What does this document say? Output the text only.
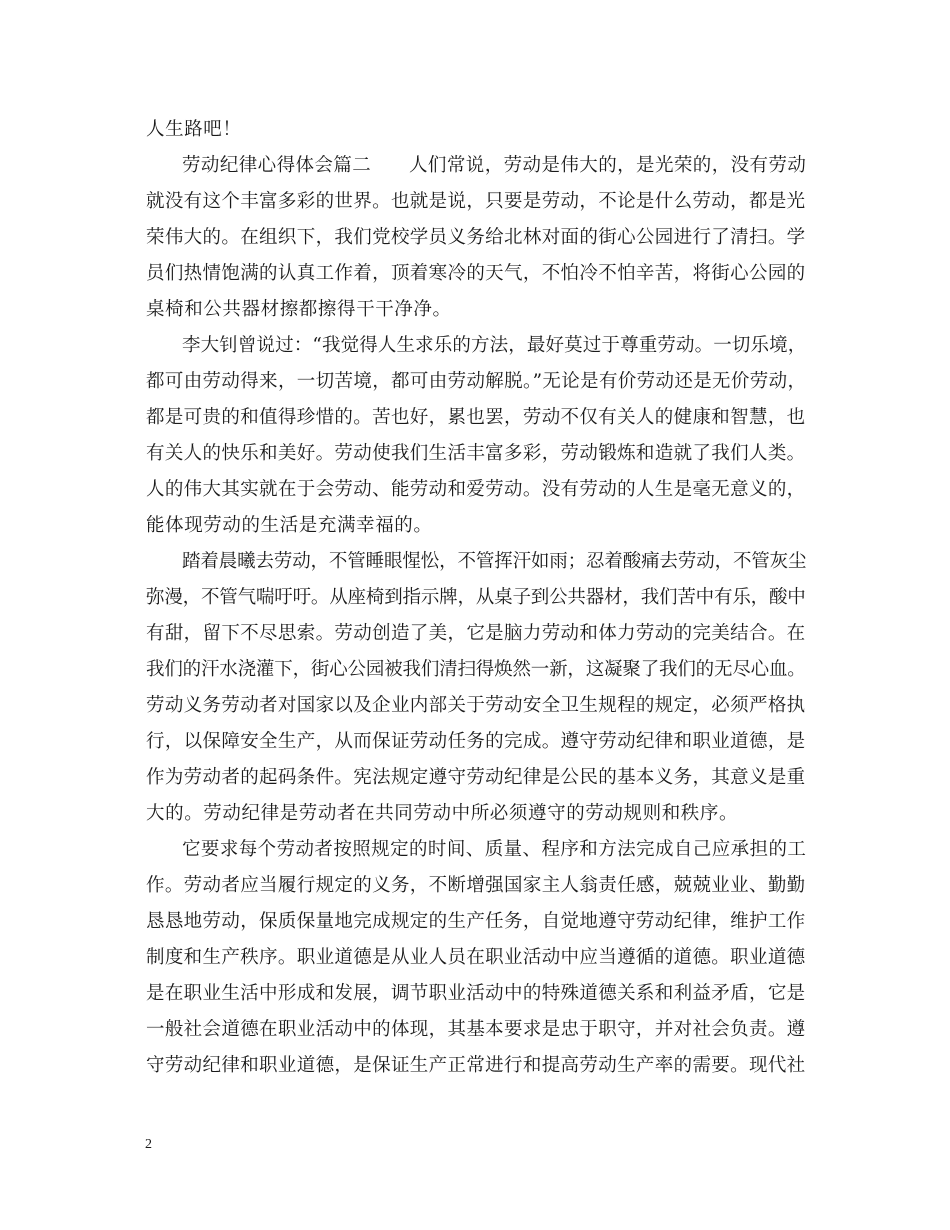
人生路吧！
劳动纪律心得体会篇二　　人们常说，劳动是伟大的，是光荣的，没有劳动
就没有这个丰富多彩的世界。也就是说，只要是劳动，不论是什么劳动，都是光
荣伟大的。在组织下，我们党校学员义务给北林对面的街心公园进行了清扫。学
员们热情饱满的认真工作着，顶着寒冷的天气，不怕冷不怕辛苦，将街心公园的
桌椅和公共器材擦都擦得干干净净。
李大钊曾说过：“我觉得人生求乐的方法，最好莫过于尊重劳动。一切乐境，
都可由劳动得来，一切苦境，都可由劳动解脱。”无论是有价劳动还是无价劳动，
都是可贵的和值得珍惜的。苦也好，累也罢，劳动不仅有关人的健康和智慧，也
有关人的快乐和美好。劳动使我们生活丰富多彩，劳动锻炼和造就了我们人类。
人的伟大其实就在于会劳动、能劳动和爱劳动。没有劳动的人生是毫无意义的，
能体现劳动的生活是充满幸福的。
踏着晨曦去劳动，不管睡眼惺忪，不管挥汗如雨；忍着酸痛去劳动，不管灰尘
弥漫，不管气喘吁吁。从座椅到指示牌，从桌子到公共器材，我们苦中有乐，酸中
有甜，留下不尽思索。劳动创造了美，它是脑力劳动和体力劳动的完美结合。在
我们的汗水浇灌下，街心公园被我们清扫得焕然一新，这凝聚了我们的无尽心血。
劳动义务劳动者对国家以及企业内部关于劳动安全卫生规程的规定，必须严格执
行，以保障安全生产，从而保证劳动任务的完成。遵守劳动纪律和职业道德，是
作为劳动者的起码条件。宪法规定遵守劳动纪律是公民的基本义务，其意义是重
大的。劳动纪律是劳动者在共同劳动中所必须遵守的劳动规则和秩序。
它要求每个劳动者按照规定的时间、质量、程序和方法完成自己应承担的工
作。劳动者应当履行规定的义务，不断增强国家主人翁责任感，兢兢业业、勤勤
恳恳地劳动，保质保量地完成规定的生产任务，自觉地遵守劳动纪律，维护工作
制度和生产秩序。职业道德是从业人员在职业活动中应当遵循的道德。职业道德
是在职业生活中形成和发展，调节职业活动中的特殊道德关系和利益矛盾，它是
一般社会道德在职业活动中的体现，其基本要求是忠于职守，并对社会负责。遵
守劳动纪律和职业道德，是保证生产正常进行和提高劳动生产率的需要。现代社
2
